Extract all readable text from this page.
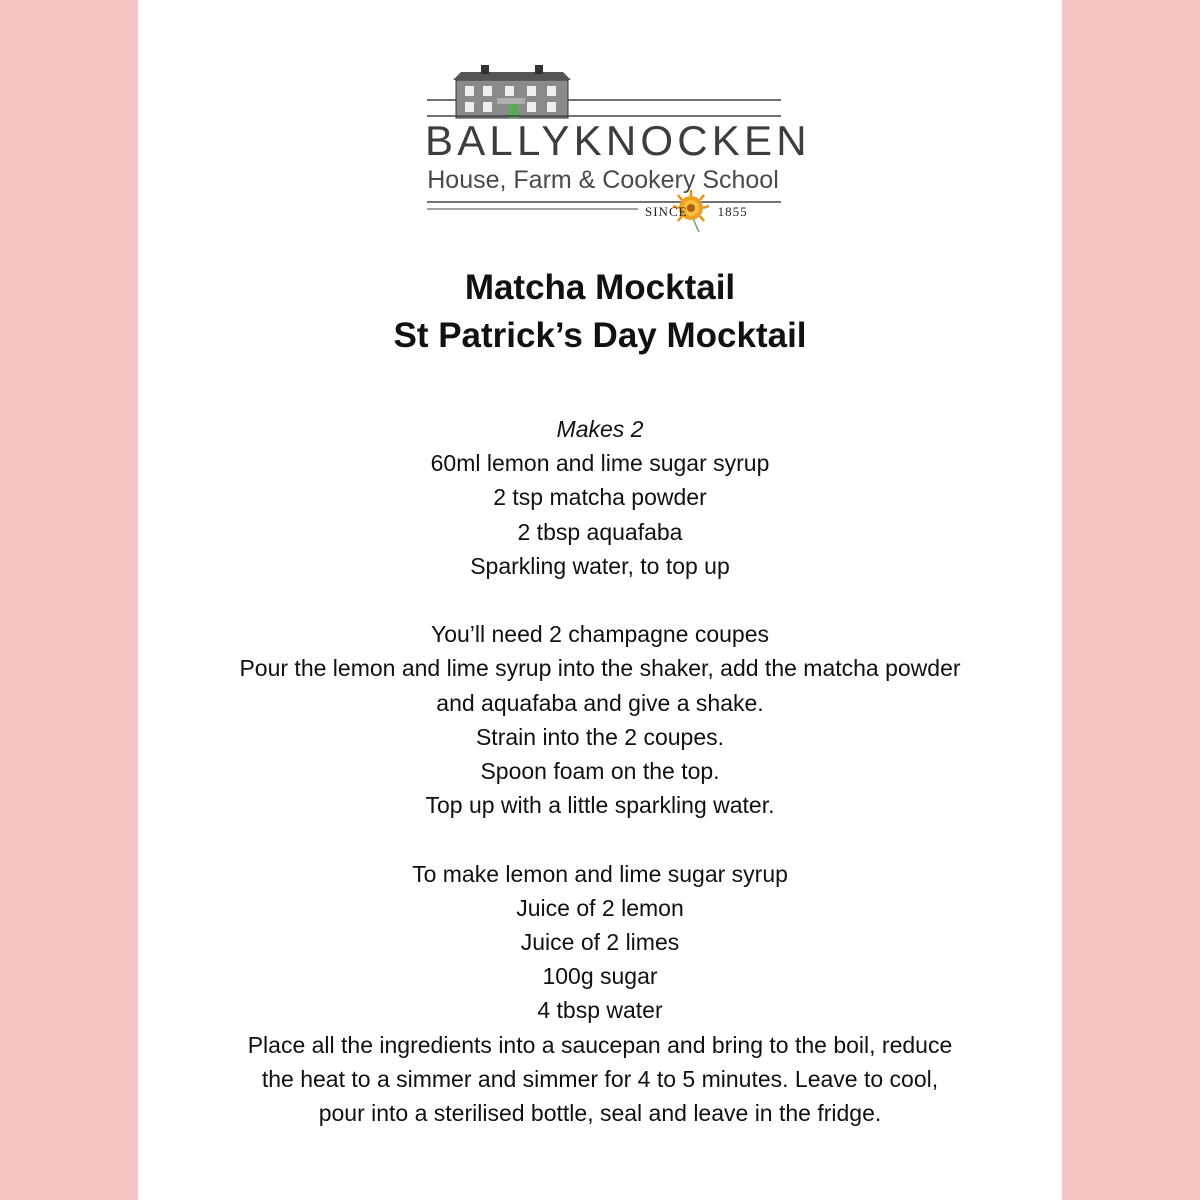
BALLYKNOCKEN
House, Farm & Cookery School
SINCE 1855

Matcha Mocktail

St Patrick’s Day Mocktail

Makes 2
60ml lemon and lime sugar syrup
2 tsp matcha powder
2 tbsp aquafaba
Sparkling water, to top up
You’ll need 2 champagne coupes
Pour the lemon and lime syrup into the shaker, add the matcha powder
and aquafaba and give a shake.
Strain into the 2 coupes.
Spoon foam on the top.
Top up with a little sparkling water.
To make lemon and lime sugar syrup
Juice of 2 lemon
Juice of 2 limes
100g sugar
4 tbsp water
Place all the ingredients into a saucepan and bring to the boil, reduce
the heat to a simmer and simmer for 4 to 5 minutes. Leave to cool,
pour into a sterilised bottle, seal and leave in the fridge.
